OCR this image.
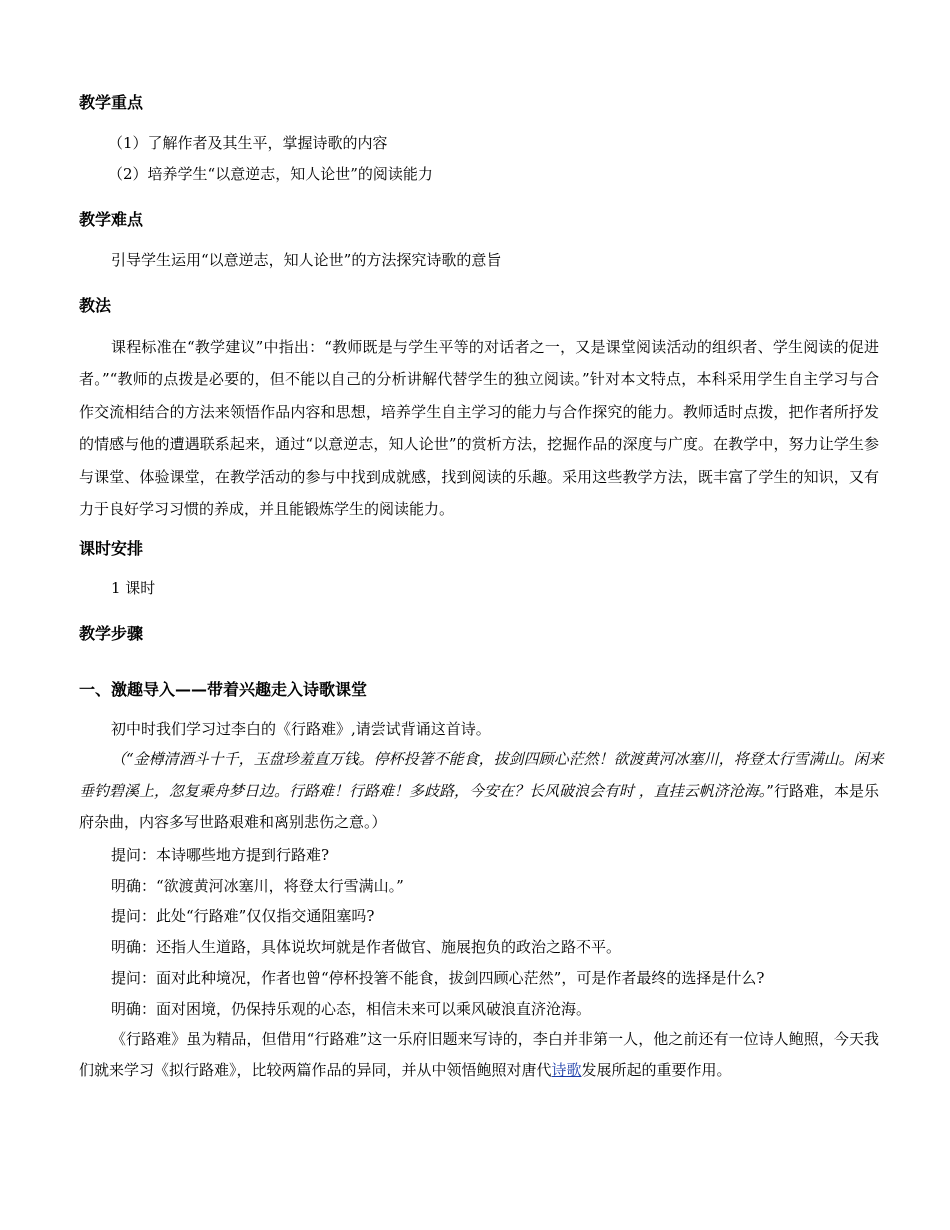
教学重点
（1）了解作者及其生平，掌握诗歌的内容
（2）培养学生“以意逆志，知人论世”的阅读能力
教学难点
引导学生运用“以意逆志，知人论世”的方法探究诗歌的意旨
教法
课程标准在“教学建议”中指出：“教师既是与学生平等的对话者之一，又是课堂阅读活动的组织者、学生阅读的促进者。”“教师的点拨是必要的，但不能以自己的分析讲解代替学生的独立阅读。”针对本文特点，本科采用学生自主学习与合作交流相结合的方法来领悟作品内容和思想，培养学生自主学习的能力与合作探究的能力。教师适时点拨，把作者所抒发的情感与他的遭遇联系起来，通过“以意逆志，知人论世”的赏析方法，挖掘作品的深度与广度。在教学中，努力让学生参与课堂、体验课堂，在教学活动的参与中找到成就感，找到阅读的乐趣。采用这些教学方法，既丰富了学生的知识，又有力于良好学习习惯的养成，并且能锻炼学生的阅读能力。
课时安排
1 课时
教学步骤
一、激趣导入——带着兴趣走入诗歌课堂
初中时我们学习过李白的《行路难》,请尝试背诵这首诗。
（“金樽清酒斗十千，玉盘珍羞直万钱。停杯投箸不能食，拔剑四顾心茫然！欲渡黄河冰塞川，将登太行雪满山。闲来垂钓碧溪上，忽复乘舟梦日边。行路难！行路难！多歧路，今安在？长风破浪会有时 ，直挂云帆济沧海。”行路难，本是乐府杂曲，内容多写世路艰难和离别悲伤之意。）
提问：本诗哪些地方提到行路难?
明确：“欲渡黄河冰塞川，将登太行雪满山。”
提问：此处“行路难”仅仅指交通阻塞吗?
明确：还指人生道路，具体说坎坷就是作者做官、施展抱负的政治之路不平。
提问：面对此种境况，作者也曾“停杯投箸不能食，拔剑四顾心茫然”，可是作者最终的选择是什么?
明确：面对困境，仍保持乐观的心态，相信未来可以乘风破浪直济沧海。
《行路难》虽为精品，但借用“行路难”这一乐府旧题来写诗的，李白并非第一人，他之前还有一位诗人鲍照，今天我们就来学习《拟行路难》，比较两篇作品的异同，并从中领悟鲍照对唐代诗歌发展所起的重要作用。
